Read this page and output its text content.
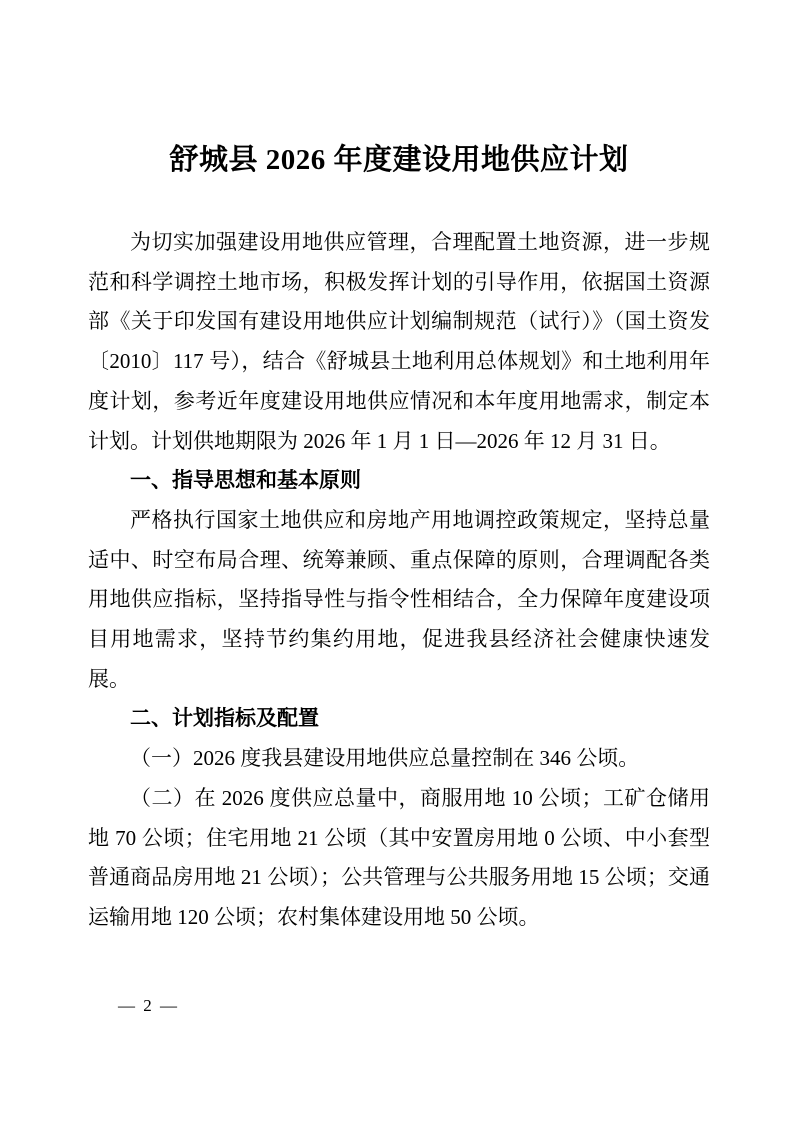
舒城县 2026 年度建设用地供应计划

为切实加强建设用地供应管理，合理配置土地资源，进一步规范和科学调控土地市场，积极发挥计划的引导作用，依据国土资源部《关于印发国有建设用地供应计划编制规范（试行）》（国土资发〔2010〕117 号），结合《舒城县土地利用总体规划》和土地利用年度计划，参考近年度建设用地供应情况和本年度用地需求，制定本计划。计划供地期限为 2026 年 1 月 1 日—2026 年 12 月 31 日。

一、指导思想和基本原则

严格执行国家土地供应和房地产用地调控政策规定，坚持总量适中、时空布局合理、统筹兼顾、重点保障的原则，合理调配各类用地供应指标，坚持指导性与指令性相结合，全力保障年度建设项目用地需求，坚持节约集约用地，促进我县经济社会健康快速发展。

二、计划指标及配置

（一）2026 度我县建设用地供应总量控制在 346 公顷。

（二）在 2026 度供应总量中，商服用地 10 公顷；工矿仓储用地 70 公顷；住宅用地 21 公顷（其中安置房用地 0 公顷、中小套型普通商品房用地 21 公顷）；公共管理与公共服务用地 15 公顷；交通运输用地 120 公顷；农村集体建设用地 50 公顷。

— 2 —
